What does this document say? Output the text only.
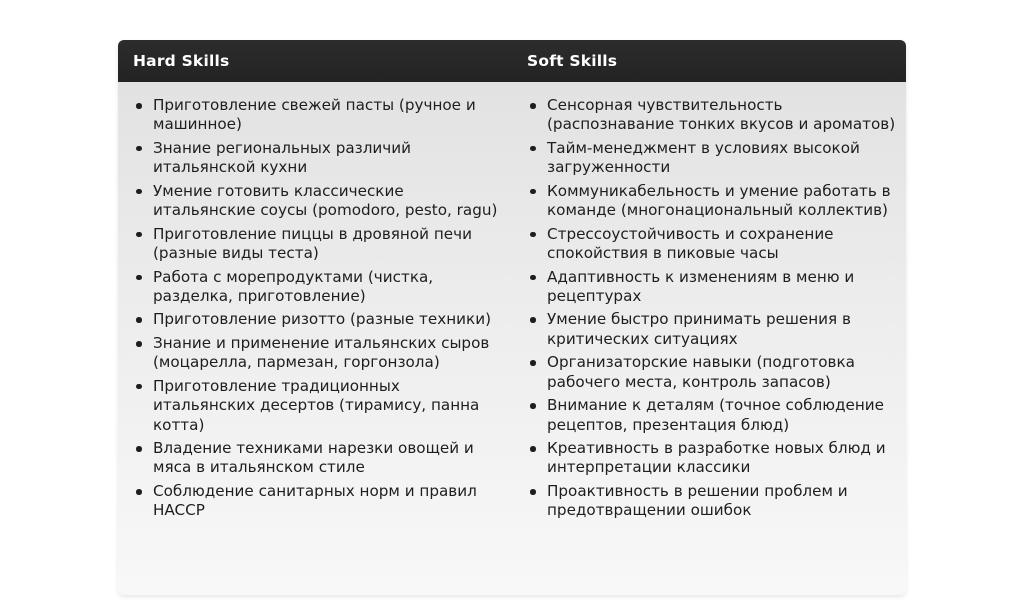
Hard Skills	Soft Skills
Приготовление свежей пасты (ручное и машинное)
Знание региональных различий итальянской кухни
Умение готовить классические итальянские соусы (pomodoro, pesto, ragu)
Приготовление пиццы в дровяной печи (разные виды теста)
Работа с морепродуктами (чистка, разделка, приготовление)
Приготовление ризотто (разные техники)
Знание и применение итальянских сыров (моцарелла, пармезан, горгонзола)
Приготовление традиционных итальянских десертов (тирамису, панна котта)
Владение техниками нарезки овощей и мяса в итальянском стиле
Соблюдение санитарных норм и правил HACCP
Сенсорная чувствительность (распознавание тонких вкусов и ароматов)
Тайм-менеджмент в условиях высокой загруженности
Коммуникабельность и умение работать в команде (многонациональный коллектив)
Стрессоустойчивость и сохранение спокойствия в пиковые часы
Адаптивность к изменениям в меню и рецептурах
Умение быстро принимать решения в критических ситуациях
Организаторские навыки (подготовка рабочего места, контроль запасов)
Внимание к деталям (точное соблюдение рецептов, презентация блюд)
Креативность в разработке новых блюд и интерпретации классики
Проактивность в решении проблем и предотвращении ошибок
